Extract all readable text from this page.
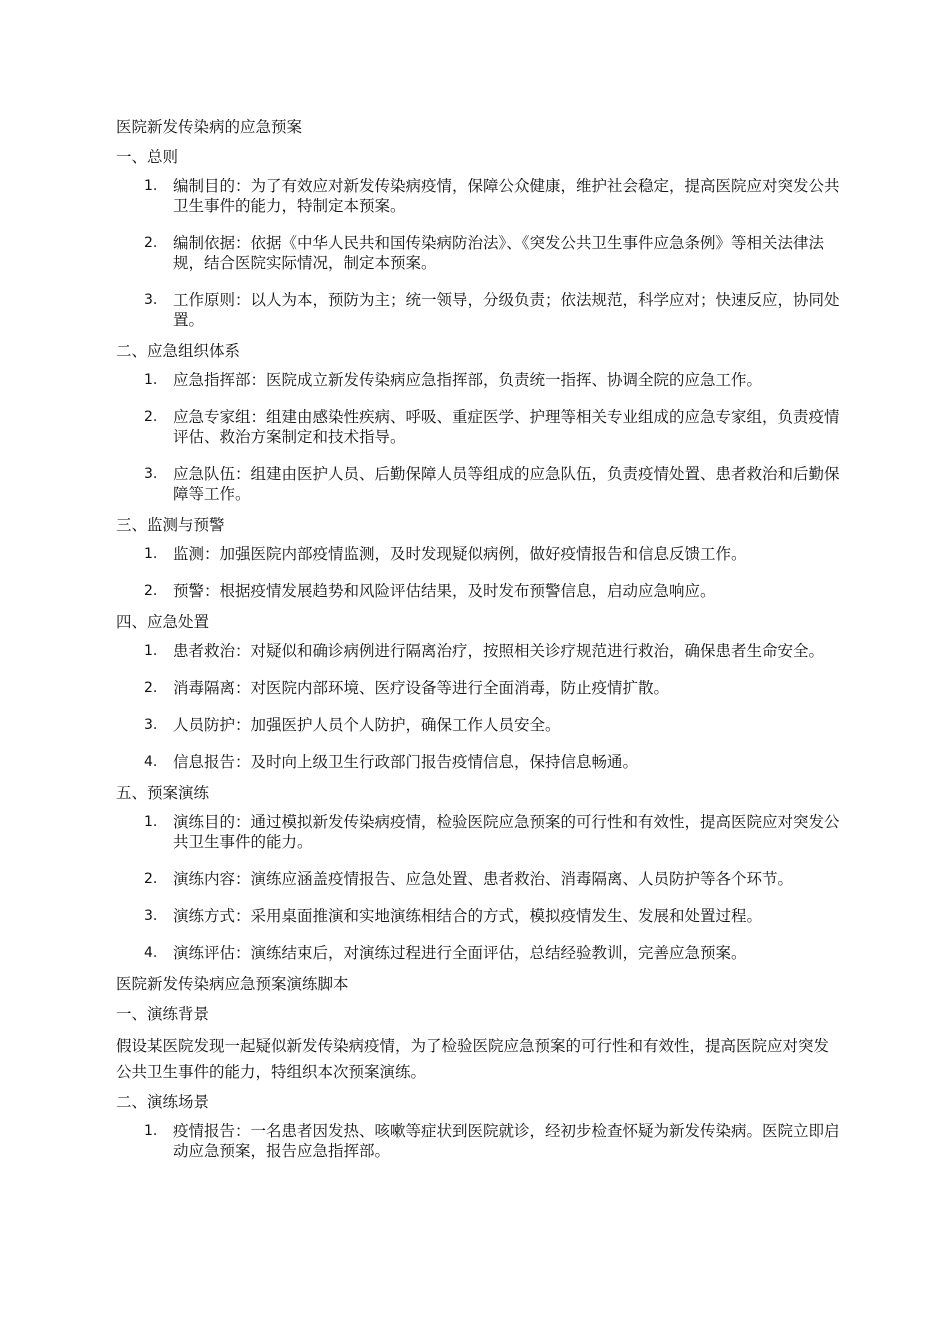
医院新发传染病的应急预案
一、总则
1. 编制目的：为了有效应对新发传染病疫情，保障公众健康，维护社会稳定，提高医院应对突发公共卫生事件的能力，特制定本预案。
2. 编制依据：依据《中华人民共和国传染病防治法》、《突发公共卫生事件应急条例》等相关法律法规，结合医院实际情况，制定本预案。
3. 工作原则：以人为本，预防为主；统一领导，分级负责；依法规范，科学应对；快速反应，协同处置。
二、应急组织体系
1. 应急指挥部：医院成立新发传染病应急指挥部，负责统一指挥、协调全院的应急工作。
2. 应急专家组：组建由感染性疾病、呼吸、重症医学、护理等相关专业组成的应急专家组，负责疫情评估、救治方案制定和技术指导。
3. 应急队伍：组建由医护人员、后勤保障人员等组成的应急队伍，负责疫情处置、患者救治和后勤保障等工作。
三、监测与预警
1. 监测：加强医院内部疫情监测，及时发现疑似病例，做好疫情报告和信息反馈工作。
2. 预警：根据疫情发展趋势和风险评估结果，及时发布预警信息，启动应急响应。
四、应急处置
1. 患者救治：对疑似和确诊病例进行隔离治疗，按照相关诊疗规范进行救治，确保患者生命安全。
2. 消毒隔离：对医院内部环境、医疗设备等进行全面消毒，防止疫情扩散。
3. 人员防护：加强医护人员个人防护，确保工作人员安全。
4. 信息报告：及时向上级卫生行政部门报告疫情信息，保持信息畅通。
五、预案演练
1. 演练目的：通过模拟新发传染病疫情，检验医院应急预案的可行性和有效性，提高医院应对突发公共卫生事件的能力。
2. 演练内容：演练应涵盖疫情报告、应急处置、患者救治、消毒隔离、人员防护等各个环节。
3. 演练方式：采用桌面推演和实地演练相结合的方式，模拟疫情发生、发展和处置过程。
4. 演练评估：演练结束后，对演练过程进行全面评估，总结经验教训，完善应急预案。
医院新发传染病应急预案演练脚本
一、演练背景
假设某医院发现一起疑似新发传染病疫情，为了检验医院应急预案的可行性和有效性，提高医院应对突发公共卫生事件的能力，特组织本次预案演练。
二、演练场景
1. 疫情报告：一名患者因发热、咳嗽等症状到医院就诊，经初步检查怀疑为新发传染病。医院立即启动应急预案，报告应急指挥部。
